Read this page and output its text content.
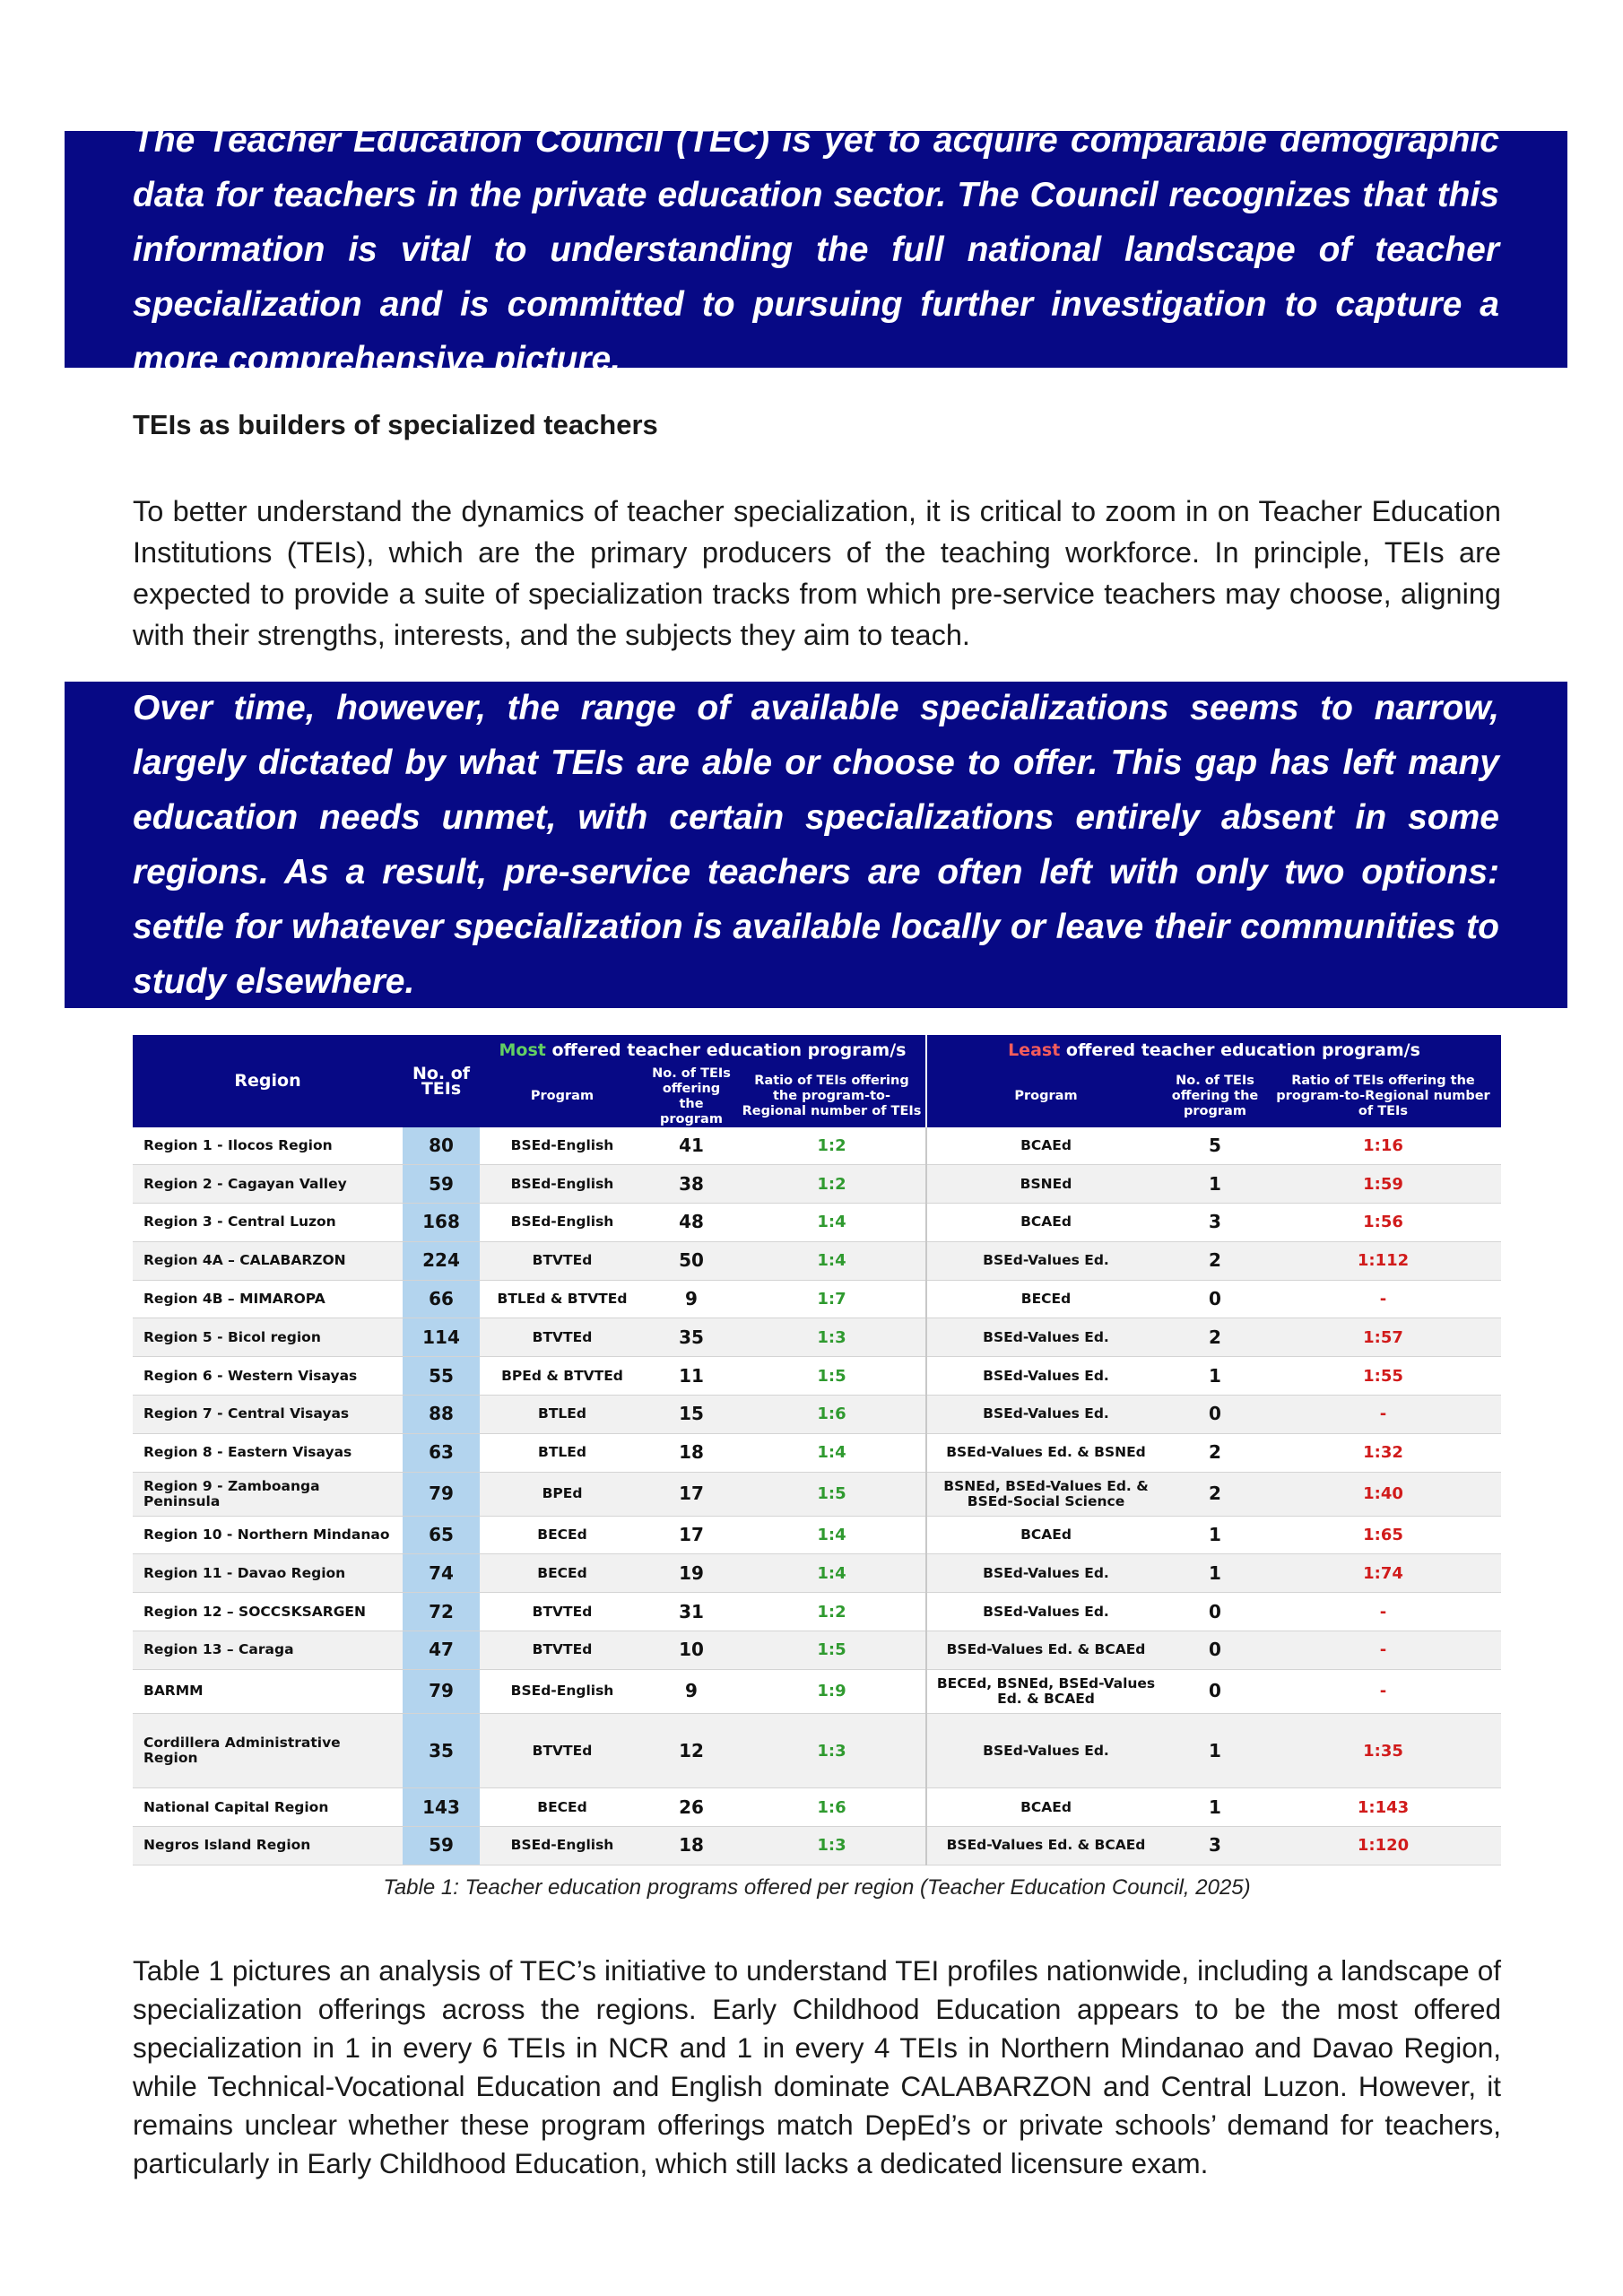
The Teacher Education Council (TEC) is yet to acquire comparable demographic data for teachers in the private education sector. The Council recognizes that this information is vital to understanding the full national landscape of teacher specialization and is committed to pursuing further investigation to capture a more comprehensive picture.

TEIs as builders of specialized teachers

To better understand the dynamics of teacher specialization, it is critical to zoom in on Teacher Education Institutions (TEIs), which are the primary producers of the teaching workforce. In principle, TEIs are expected to provide a suite of specialization tracks from which pre-service teachers may choose, aligning with their strengths, interests, and the subjects they aim to teach.

Over time, however, the range of available specializations seems to narrow, largely dictated by what TEIs are able or choose to offer. This gap has left many education needs unmet, with certain specializations entirely absent in some regions. As a result, pre-service teachers are often left with only two options: settle for whatever specialization is available locally or leave their communities to study elsewhere.

Region	No. of TEIs	Most offered teacher education program/s			Least offered teacher education program/s		
		Program	No. of TEIs offering the program	Ratio of TEIs offering the program-to-Regional number of TEIs	Program	No. of TEIs offering the program	Ratio of TEIs offering the program-to-Regional number of TEIs
Region 1 - Ilocos Region	80	BSEd-English	41	1:2	BCAEd	5	1:16
Region 2 - Cagayan Valley	59	BSEd-English	38	1:2	BSNEd	1	1:59
Region 3 - Central Luzon	168	BSEd-English	48	1:4	BCAEd	3	1:56
Region 4A – CALABARZON	224	BTVTEd	50	1:4	BSEd-Values Ed.	2	1:112
Region 4B – MIMAROPA	66	BTLEd & BTVTEd	9	1:7	BECEd	0	-
Region 5 - Bicol region	114	BTVTEd	35	1:3	BSEd-Values Ed.	2	1:57
Region 6 - Western Visayas	55	BPEd & BTVTEd	11	1:5	BSEd-Values Ed.	1	1:55
Region 7 - Central Visayas	88	BTLEd	15	1:6	BSEd-Values Ed.	0	-
Region 8 - Eastern Visayas	63	BTLEd	18	1:4	BSEd-Values Ed. & BSNEd	2	1:32
Region 9 - Zamboanga Peninsula	79	BPEd	17	1:5	BSNEd, BSEd-Values Ed. & BSEd-Social Science	2	1:40
Region 10 - Northern Mindanao	65	BECEd	17	1:4	BCAEd	1	1:65
Region 11 - Davao Region	74	BECEd	19	1:4	BSEd-Values Ed.	1	1:74
Region 12 – SOCCSKSARGEN	72	BTVTEd	31	1:2	BSEd-Values Ed.	0	-
Region 13 – Caraga	47	BTVTEd	10	1:5	BSEd-Values Ed. & BCAEd	0	-
BARMM	79	BSEd-English	9	1:9	BECEd, BSNEd, BSEd-Values Ed. & BCAEd	0	-
Cordillera Administrative Region	35	BTVTEd	12	1:3	BSEd-Values Ed.	1	1:35
National Capital Region	143	BECEd	26	1:6	BCAEd	1	1:143
Negros Island Region	59	BSEd-English	18	1:3	BSEd-Values Ed. & BCAEd	3	1:120

Table 1: Teacher education programs offered per region (Teacher Education Council, 2025)

Table 1 pictures an analysis of TEC’s initiative to understand TEI profiles nationwide, including a landscape of specialization offerings across the regions. Early Childhood Education appears to be the most offered specialization in 1 in every 6 TEIs in NCR and 1 in every 4 TEIs in Northern Mindanao and Davao Region, while Technical-Vocational Education and English dominate CALABARZON and Central Luzon. However, it remains unclear whether these program offerings match DepEd’s or private schools’ demand for teachers, particularly in Early Childhood Education, which still lacks a dedicated licensure exam.
